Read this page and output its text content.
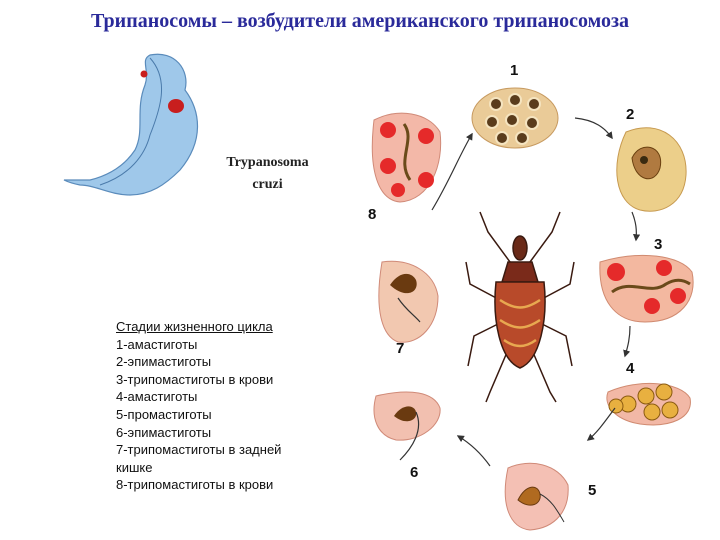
Трипаносомы – возбудители американского трипаносомоза
Trypanosoma
cruzi
Стадии жизненного цикла
1-амастиготы
2-эпимастиготы
3-трипомастиготы в крови
4-амастиготы
5-промастиготы
6-эпимастиготы
7-трипомастиготы в задней
кишке
8-трипомастиготы в крови
1
2
3
4
5
6
7
8
